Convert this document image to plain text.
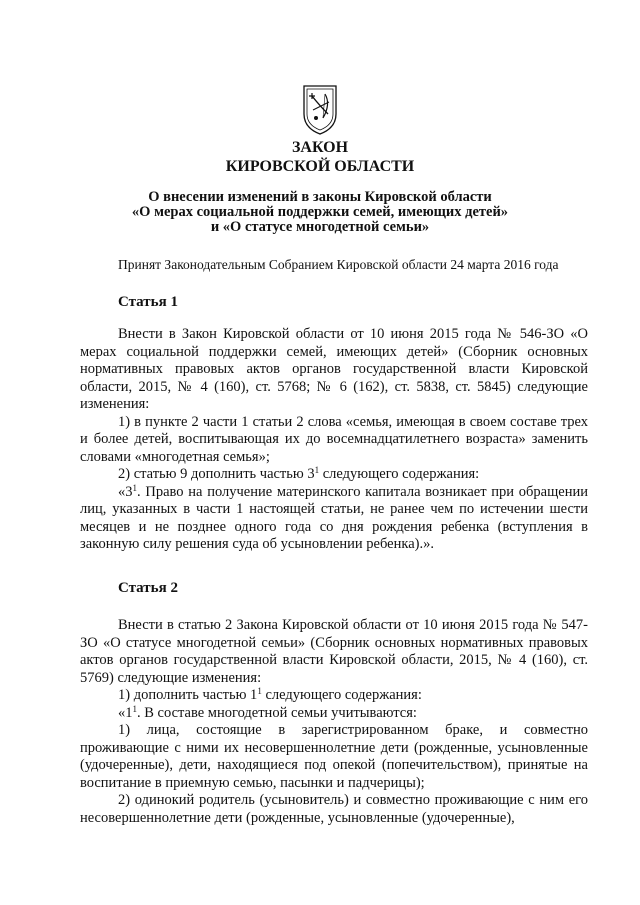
ЗАКОН
КИРОВСКОЙ ОБЛАСТИ
О внесении изменений в законы Кировской области
«О мерах социальной поддержки семей, имеющих детей»
и «О статусе многодетной семьи»
Принят Законодательным Собранием Кировской области 24 марта 2016 года
Статья 1

Внести в Закон Кировской области от 10 июня 2015 года № 546-ЗО «О мерах социальной поддержки семей, имеющих детей» (Сборник основных нормативных правовых актов органов государственной власти Кировской области, 2015, № 4 (160), ст. 5768; № 6 (162), ст. 5838, ст. 5845) следующие изменения:

1) в пункте 2 части 1 статьи 2 слова «семья, имеющая в своем составе трех и более детей, воспитывающая их до восемнадцатилетнего возраста» заменить словами «многодетная семья»;

2) статью 9 дополнить частью $3^1$ следующего содержания:

«$3^1$. Право на получение материнского капитала возникает при обращении лиц, указанных в части 1 настоящей статьи, не ранее чем по истечении шести месяцев и не позднее одного года со дня рождения ребенка (вступления в законную силу решения суда об усыновлении ребенка).».

Статья 2

Внести в статью 2 Закона Кировской области от 10 июня 2015 года № 547-ЗО «О статусе многодетной семьи» (Сборник основных нормативных правовых актов органов государственной власти Кировской области, 2015, № 4 (160), ст. 5769) следующие изменения:

1) дополнить частью $1^1$ следующего содержания:

«$1^1$. В составе многодетной семьи учитываются:

1) лица, состоящие в зарегистрированном браке, и совместно проживающие с ними их несовершеннолетние дети (рожденные, усыновленные (удочеренные), дети, находящиеся под опекой (попечительством), принятые на воспитание в приемную семью, пасынки и падчерицы);

2) одинокий родитель (усыновитель) и совместно проживающие с ним его несовершеннолетние дети (рожденные, усыновленные (удочеренные),
